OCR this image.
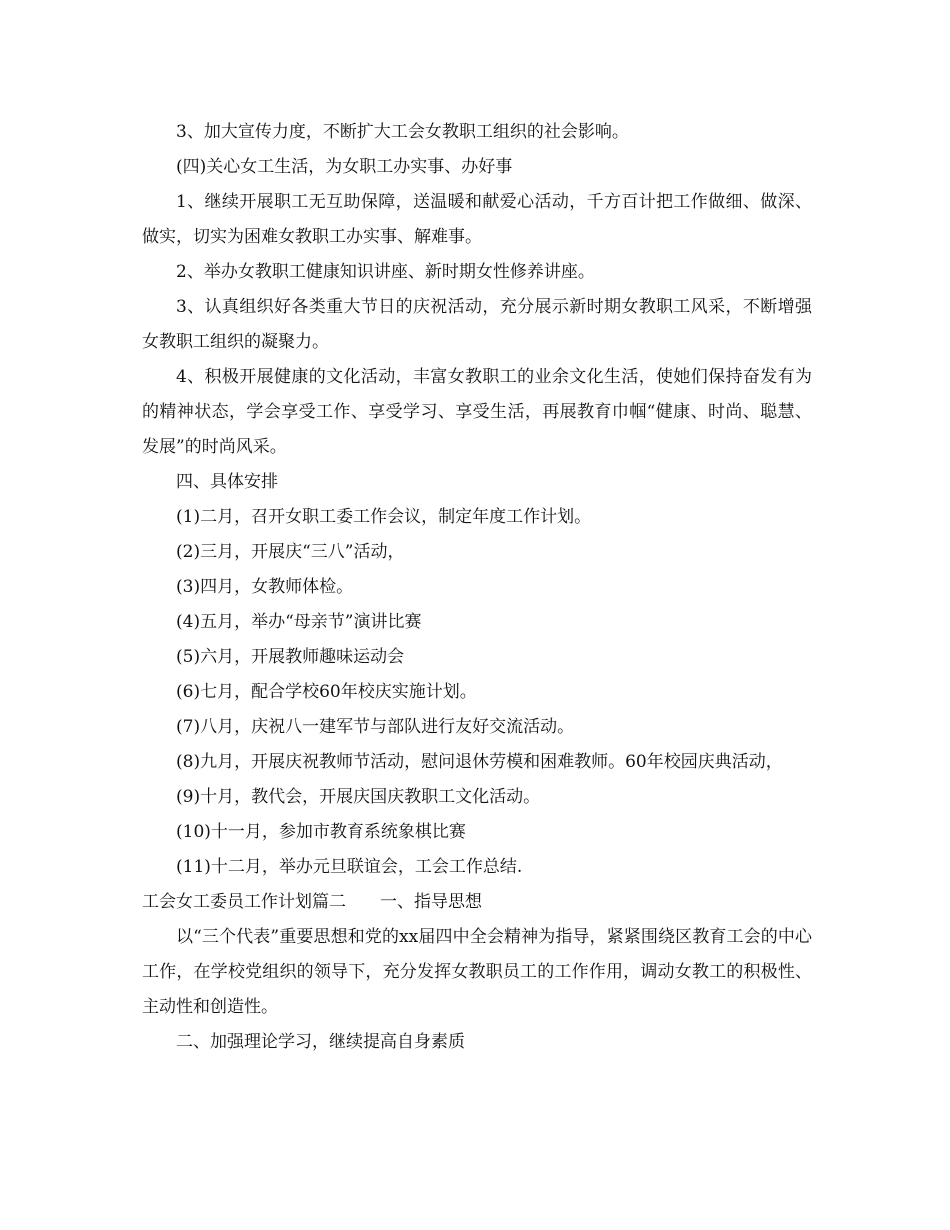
3、加大宣传力度，不断扩大工会女教职工组织的社会影响。

(四)关心女工生活，为女职工办实事、办好事

1、继续开展职工无互助保障，送温暖和献爱心活动，千方百计把工作做细、做深、做实，切实为困难女教职工办实事、解难事。

2、举办女教职工健康知识讲座、新时期女性修养讲座。

3、认真组织好各类重大节日的庆祝活动，充分展示新时期女教职工风采，不断增强女教职工组织的凝聚力。

4、积极开展健康的文化活动，丰富女教职工的业余文化生活，使她们保持奋发有为的精神状态，学会享受工作、享受学习、享受生活，再展教育巾帼“健康、时尚、聪慧、发展”的时尚风采。

四、具体安排

(1)二月，召开女职工委工作会议，制定年度工作计划。

(2)三月，开展庆“三八”活动，

(3)四月，女教师体检。

(4)五月，举办“母亲节”演讲比赛

(5)六月，开展教师趣味运动会

(6)七月，配合学校60年校庆实施计划。

(7)八月，庆祝八一建军节与部队进行友好交流活动。

(8)九月，开展庆祝教师节活动，慰问退休劳模和困难教师。60年校园庆典活动，

(9)十月，教代会，开展庆国庆教职工文化活动。

(10)十一月，参加市教育系统象棋比赛

(11)十二月，举办元旦联谊会，工会工作总结.

工会女工委员工作计划篇二　　一、指导思想

以“三个代表”重要思想和党的xx届四中全会精神为指导，紧紧围绕区教育工会的中心工作，在学校党组织的领导下，充分发挥女教职员工的工作作用，调动女教工的积极性、主动性和创造性。

二、加强理论学习，继续提高自身素质
